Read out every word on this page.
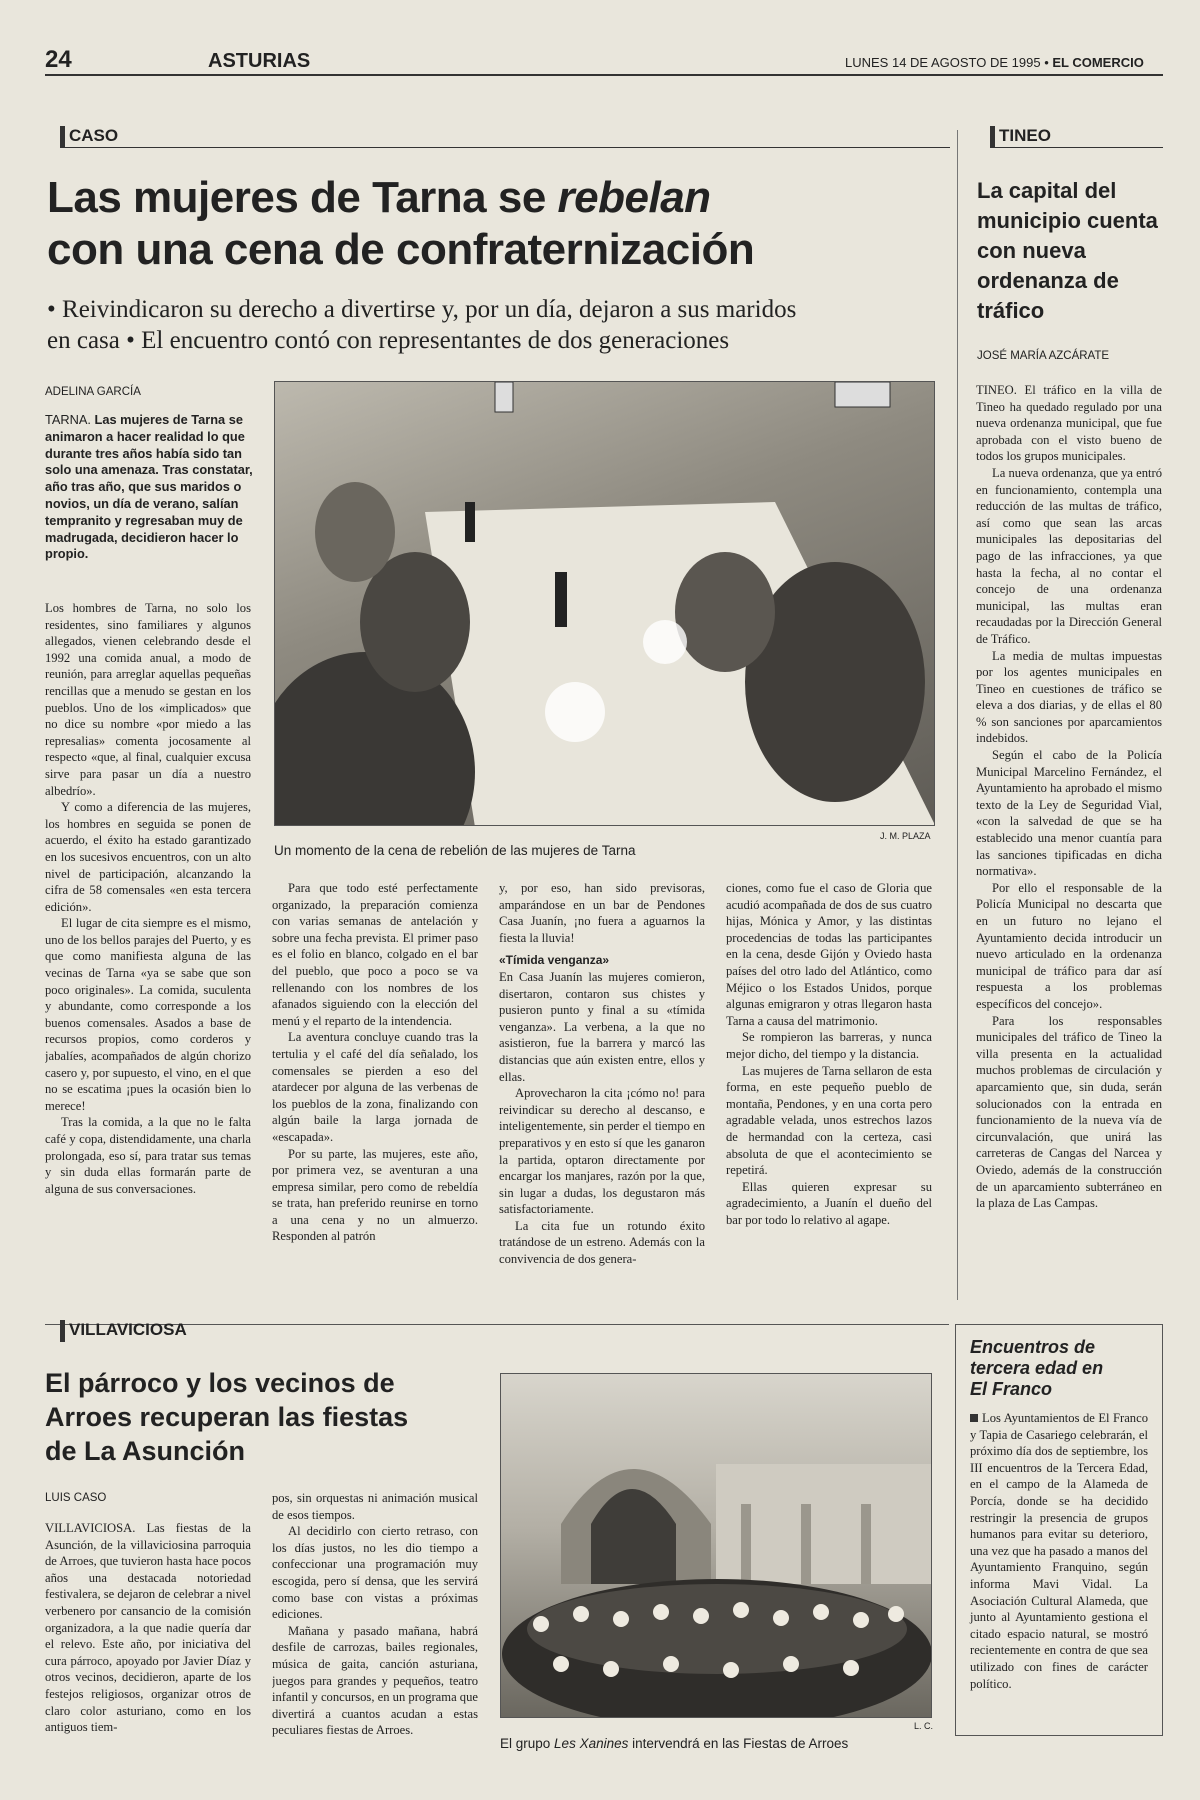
24	ASTURIAS	LUNES 14 DE AGOSTO DE 1995 • EL COMERCIO
CASO
Las mujeres de Tarna se rebelan
con una cena de confraternización
• Reivindicaron su derecho a divertirse y, por un día, dejaron a sus maridos
en casa • El encuentro contó con representantes de dos generaciones
ADELINA GARCÍA
TARNA. Las mujeres de Tarna se animaron a hacer realidad lo que durante tres años había sido tan solo una amenaza. Tras constatar, año tras año, que sus maridos o novios, un día de verano, salían tempranito y regresaban muy de madrugada, decidieron hacer lo propio.
J. M. PLAZA
Un momento de la cena de rebelión de las mujeres de Tarna

Los hombres de Tarna, no solo los residentes, sino familiares y algunos allegados, vienen celebrando desde el 1992 una comida anual, a modo de reunión, para arreglar aquellas pequeñas rencillas que a menudo se gestan en los pueblos. Uno de los «implicados» que no dice su nombre «por miedo a las represalias» comenta jocosamente al respecto «que, al final, cualquier excusa sirve para pasar un día a nuestro albedrío».

Y como a diferencia de las mujeres, los hombres en seguida se ponen de acuerdo, el éxito ha estado garantizado en los sucesivos encuentros, con un alto nivel de participación, alcanzando la cifra de 58 comensales «en esta tercera edición».

El lugar de cita siempre es el mismo, uno de los bellos parajes del Puerto, y es que como manifiesta alguna de las vecinas de Tarna «ya se sabe que son poco originales». La comida, suculenta y abundante, como corresponde a los buenos comensales. Asados a base de recursos propios, como corderos y jabalíes, acompañados de algún chorizo casero y, por supuesto, el vino, en el que no se escatima ¡pues la ocasión bien lo merece!

Tras la comida, a la que no le falta café y copa, distendidamente, una charla prolongada, eso sí, para tratar sus temas y sin duda ellas formarán parte de alguna de sus conversaciones.

Para que todo esté perfectamente organizado, la preparación comienza con varias semanas de antelación y sobre una fecha prevista. El primer paso es el folio en blanco, colgado en el bar del pueblo, que poco a poco se va rellenando con los nombres de los afanados siguiendo con la elección del menú y el reparto de la intendencia.

La aventura concluye cuando tras la tertulia y el café del día señalado, los comensales se pierden a eso del atardecer por alguna de las verbenas de los pueblos de la zona, finalizando con algún baile la larga jornada de «escapada».

Por su parte, las mujeres, este año, por primera vez, se aventuran a una empresa similar, pero como de rebeldía se trata, han preferido reunirse en torno a una cena y no un almuerzo. Responden al patrón

y, por eso, han sido previsoras, amparándose en un bar de Pendones Casa Juanín, ¡no fuera a aguarnos la fiesta la lluvia!

«Tímida venganza»

En Casa Juanín las mujeres comieron, disertaron, contaron sus chistes y pusieron punto y final a su «tímida venganza». La verbena, a la que no asistieron, fue la barrera y marcó las distancias que aún existen entre, ellos y ellas.

Aprovecharon la cita ¡cómo no! para reivindicar su derecho al descanso, e inteligentemente, sin perder el tiempo en preparativos y en esto sí que les ganaron la partida, optaron directamente por encargar los manjares, razón por la que, sin lugar a dudas, los degustaron más satisfactoriamente.

La cita fue un rotundo éxito tratándose de un estreno. Además con la convivencia de dos genera-

ciones, como fue el caso de Gloria que acudió acompañada de dos de sus cuatro hijas, Mónica y Amor, y las distintas procedencias de todas las participantes en la cena, desde Gijón y Oviedo hasta países del otro lado del Atlántico, como Méjico o los Estados Unidos, porque algunas emigraron y otras llegaron hasta Tarna a causa del matrimonio.

Se rompieron las barreras, y nunca mejor dicho, del tiempo y la distancia.

Las mujeres de Tarna sellaron de esta forma, en este pequeño pueblo de montaña, Pendones, y en una corta pero agradable velada, unos estrechos lazos de hermandad con la certeza, casi absoluta de que el acontecimiento se repetirá.

Ellas quieren expresar su agradecimiento, a Juanín el dueño del bar por todo lo relativo al agape.

TINEO
La capital del municipio cuenta con nueva ordenanza de tráfico
JOSÉ MARÍA AZCÁRATE

TINEO. El tráfico en la villa de Tineo ha quedado regulado por una nueva ordenanza municipal, que fue aprobada con el visto bueno de todos los grupos municipales.

La nueva ordenanza, que ya entró en funcionamiento, contempla una reducción de las multas de tráfico, así como que sean las arcas municipales las depositarias del pago de las infracciones, ya que hasta la fecha, al no contar el concejo de una ordenanza municipal, las multas eran recaudadas por la Dirección General de Tráfico.

La media de multas impuestas por los agentes municipales en Tineo en cuestiones de tráfico se eleva a dos diarias, y de ellas el 80 % son sanciones por aparcamientos indebidos.

Según el cabo de la Policía Municipal Marcelino Fernández, el Ayuntamiento ha aprobado el mismo texto de la Ley de Seguridad Vial, «con la salvedad de que se ha establecido una menor cuantía para las sanciones tipificadas en dicha normativa».

Por ello el responsable de la Policía Municipal no descarta que en un futuro no lejano el Ayuntamiento decida introducir un nuevo articulado en la ordenanza municipal de tráfico para dar así respuesta a los problemas específicos del concejo».

Para los responsables municipales del tráfico de Tineo la villa presenta en la actualidad muchos problemas de circulación y aparcamiento que, sin duda, serán solucionados con la entrada en funcionamiento de la nueva vía de circunvalación, que unirá las carreteras de Cangas del Narcea y Oviedo, además de la construcción de un aparcamiento subterráneo en la plaza de Las Campas.

VILLAVICIOSA
El párroco y los vecinos de Arroes recuperan las fiestas de La Asunción
LUIS CASO

VILLAVICIOSA. Las fiestas de la Asunción, de la villaviciosina parroquia de Arroes, que tuvieron hasta hace pocos años una destacada notoriedad festivalera, se dejaron de celebrar a nivel verbenero por cansancio de la comisión organizadora, a la que nadie quería dar el relevo. Este año, por iniciativa del cura párroco, apoyado por Javier Díaz y otros vecinos, decidieron, aparte de los festejos religiosos, organizar otros de claro color asturiano, como en los antiguos tiem-

pos, sin orquestas ni animación musical de esos tiempos.

Al decidirlo con cierto retraso, con los días justos, no les dio tiempo a confeccionar una programación muy escogida, pero sí densa, que les servirá como base con vistas a próximas ediciones.

Mañana y pasado mañana, habrá desfile de carrozas, bailes regionales, música de gaita, canción asturiana, juegos para grandes y pequeños, teatro infantil y concursos, en un programa que divertirá a cuantos acudan a estas peculiares fiestas de Arroes.	L. C.
El grupo Les Xanines intervendrá en las Fiestas de Arroes
Encuentros de tercera edad en El Franco
Los Ayuntamientos de El Franco y Tapia de Casariego celebrarán, el próximo día dos de septiembre, los III encuentros de la Tercera Edad, en el campo de la Alameda de Porcía, donde se ha decidido restringir la presencia de grupos humanos para evitar su deterioro, una vez que ha pasado a manos del Ayuntamiento Franquino, según informa Mavi Vidal. La Asociación Cultural Alameda, que junto al Ayuntamiento gestiona el citado espacio natural, se mostró recientemente en contra de que sea utilizado con fines de carácter político.
